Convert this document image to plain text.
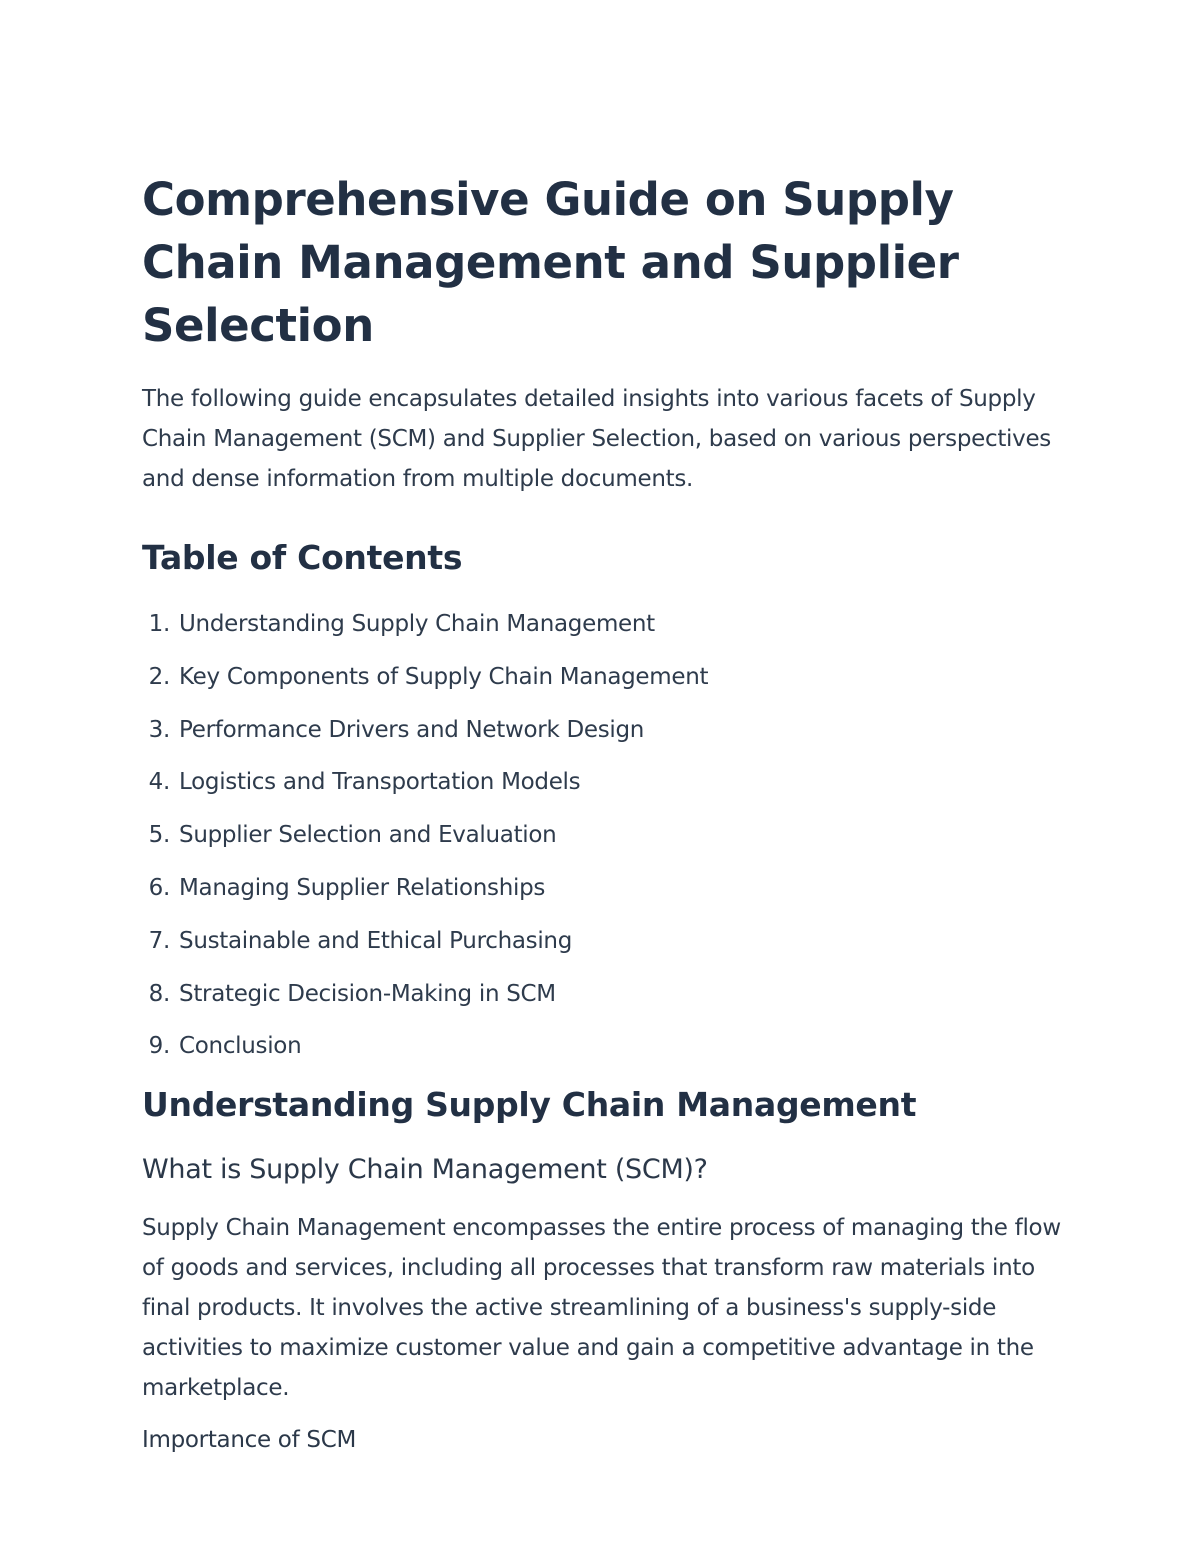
Comprehensive Guide on Supply Chain Management and Supplier Selection

The following guide encapsulates detailed insights into various facets of Supply Chain Management (SCM) and Supplier Selection, based on various perspectives and dense information from multiple documents.

Table of Contents
1. Understanding Supply Chain Management
2. Key Components of Supply Chain Management
3. Performance Drivers and Network Design
4. Logistics and Transportation Models
5. Supplier Selection and Evaluation
6. Managing Supplier Relationships
7. Sustainable and Ethical Purchasing
8. Strategic Decision-Making in SCM
9. Conclusion
Understanding Supply Chain Management
What is Supply Chain Management (SCM)?

Supply Chain Management encompasses the entire process of managing the flow of goods and services, including all processes that transform raw materials into final products. It involves the active streamlining of a business's supply-side activities to maximize customer value and gain a competitive advantage in the marketplace.

Importance of SCM
